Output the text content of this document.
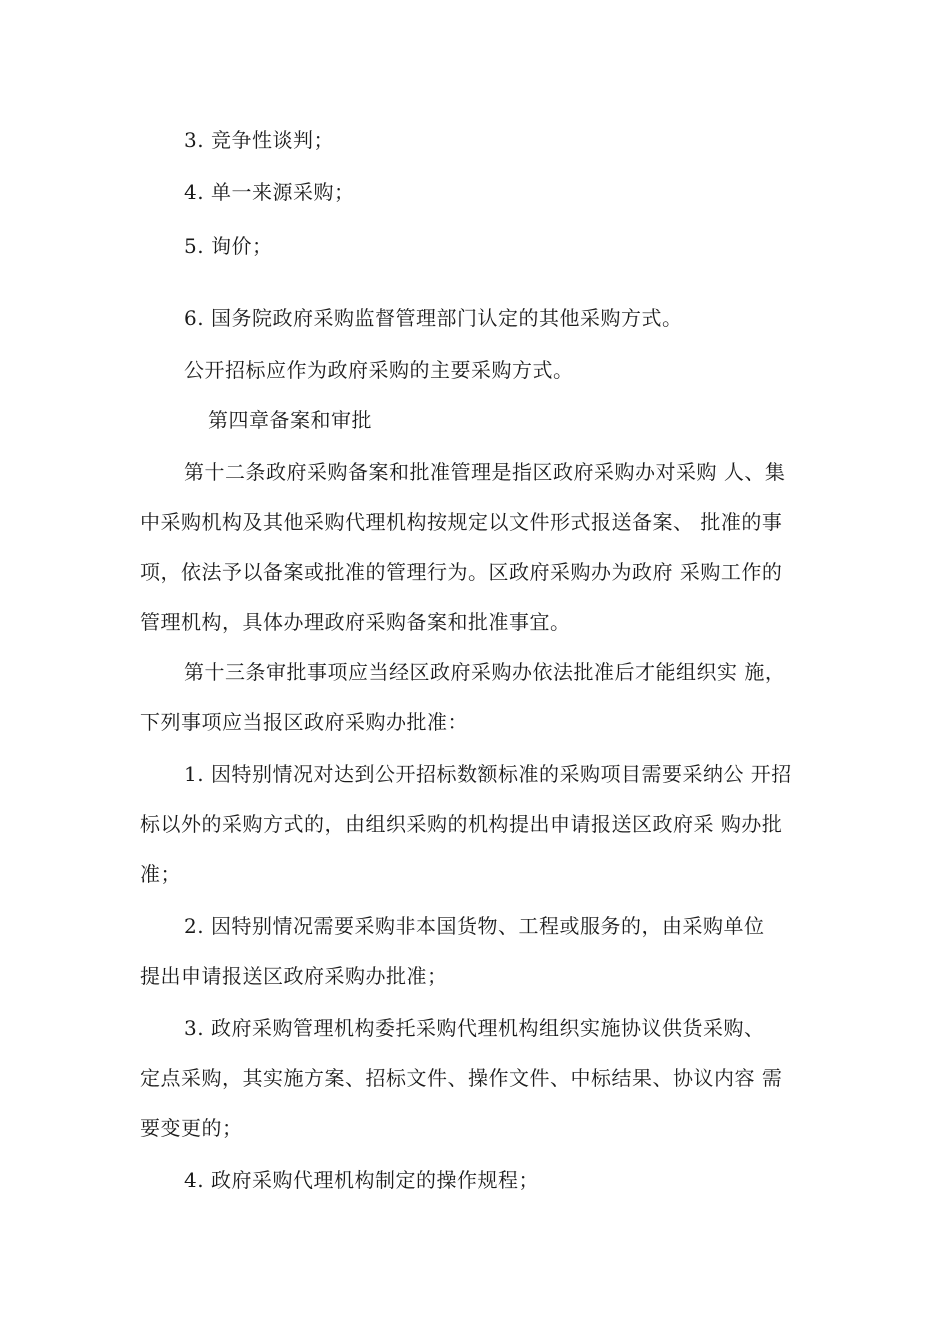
3. 竞争性谈判；
4. 单一来源采购；
5. 询价；
6. 国务院政府采购监督管理部门认定的其他采购方式。
公开招标应作为政府采购的主要采购方式。
第四章备案和审批
第十二条政府采购备案和批准管理是指区政府采购办对采购 人、集
中采购机构及其他采购代理机构按规定以文件形式报送备案、 批准的事
项，依法予以备案或批准的管理行为。区政府采购办为政府 采购工作的
管理机构，具体办理政府采购备案和批准事宜。
第十三条审批事项应当经区政府采购办依法批准后才能组织实 施，
下列事项应当报区政府采购办批准：
1. 因特别情况对达到公开招标数额标准的采购项目需要采纳公 开招
标以外的采购方式的，由组织采购的机构提出申请报送区政府采 购办批
准；
2. 因特别情况需要采购非本国货物、工程或服务的，由采购单位
提出申请报送区政府采购办批准；
3. 政府采购管理机构委托采购代理机构组织实施协议供货采购、
定点采购，其实施方案、招标文件、操作文件、中标结果、协议内容 需
要变更的；
4. 政府采购代理机构制定的操作规程；
